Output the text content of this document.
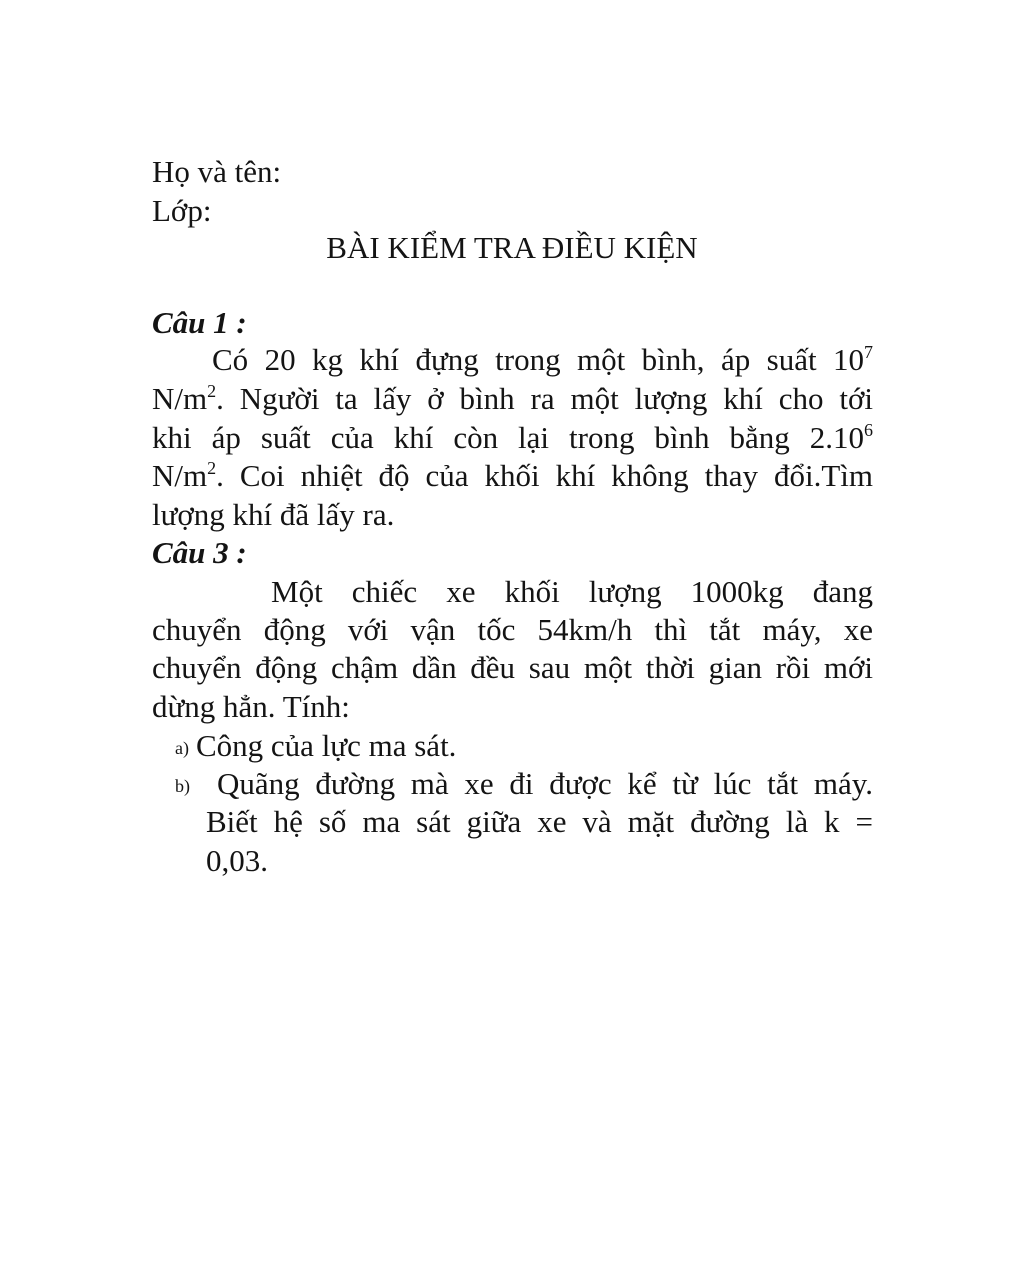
Họ và tên:
Lớp:
BÀI KIỂM TRA ĐIỀU KIỆN
Câu 1 :
Có 20 kg khí đựng trong một bình, áp suất $10^7$
$N/m^2$. Người ta lấy ở bình ra một lượng khí cho tới
khi áp suất của khí còn lại trong bình bằng 2.10$^6$
$N/m^2$. Coi nhiệt độ của khối khí không thay đổi.Tìm
lượng khí đã lấy ra.
Câu 3 :
Một chiếc xe khối lượng 1000kg đang
chuyển động với vận tốc 54km/h thì tắt máy, xe
chuyển động chậm dần đều sau một thời gian rồi mới
dừng hẳn. Tính:
a) Công của lực ma sát.
b) Quãng đường mà xe đi được kể từ lúc tắt máy.
Biết hệ số ma sát giữa xe và mặt đường là k =
0,03.
